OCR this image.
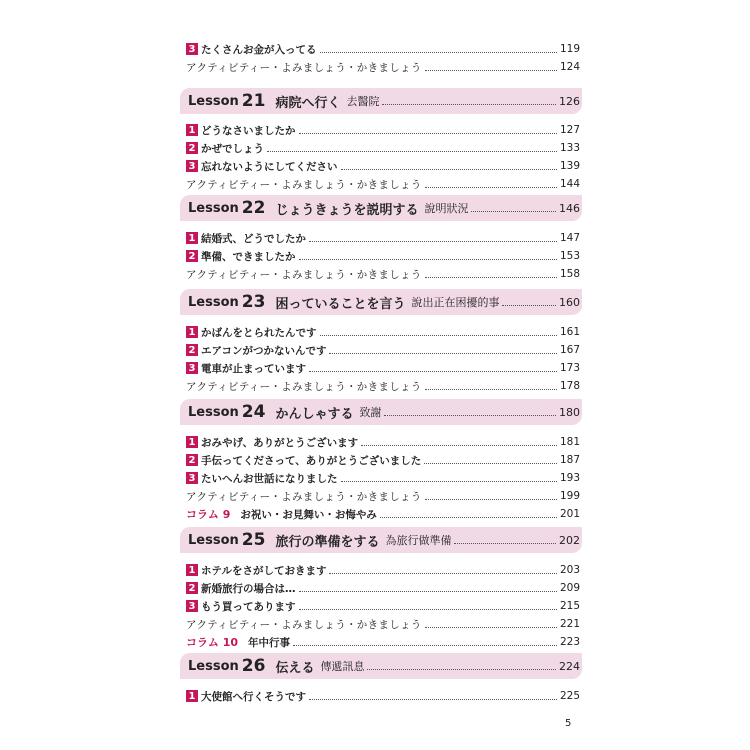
3 たくさんお金が入ってる	119
アクティビティー・よみましょう・かきましょう	124
Lesson 21 病院へ行く 去醫院	126
1 どうなさいましたか	127
2 かぜでしょう	133
3 忘れないようにしてください	139
アクティビティー・よみましょう・かきましょう	144
Lesson 22 じょうきょうを説明する 說明狀況	146
1 結婚式、どうでしたか	147
2 準備、できましたか	153
アクティビティー・よみましょう・かきましょう	158
Lesson 23 困っていることを言う 說出正在困擾的事	160
1 かばんをとられたんです	161
2 エアコンがつかないんです	167
3 電車が止まっています	173
アクティビティー・よみましょう・かきましょう	178
Lesson 24 かんしゃする 致謝	180
1 おみやげ、ありがとうございます	181
2 手伝ってくださって、ありがとうございました	187
3 たいへんお世話になりました	193
アクティビティー・よみましょう・かきましょう	199
コラム 9 お祝い・お見舞い・お悔やみ	201
Lesson 25 旅行の準備をする 為旅行做準備	202
1 ホテルをさがしておきます	203
2 新婚旅行の場合は…	209
3 もう買ってあります	215
アクティビティー・よみましょう・かきましょう	221
コラム 10 年中行事	223
Lesson 26 伝える 傳遞訊息	224
1 大使館へ行くそうです	225
5
